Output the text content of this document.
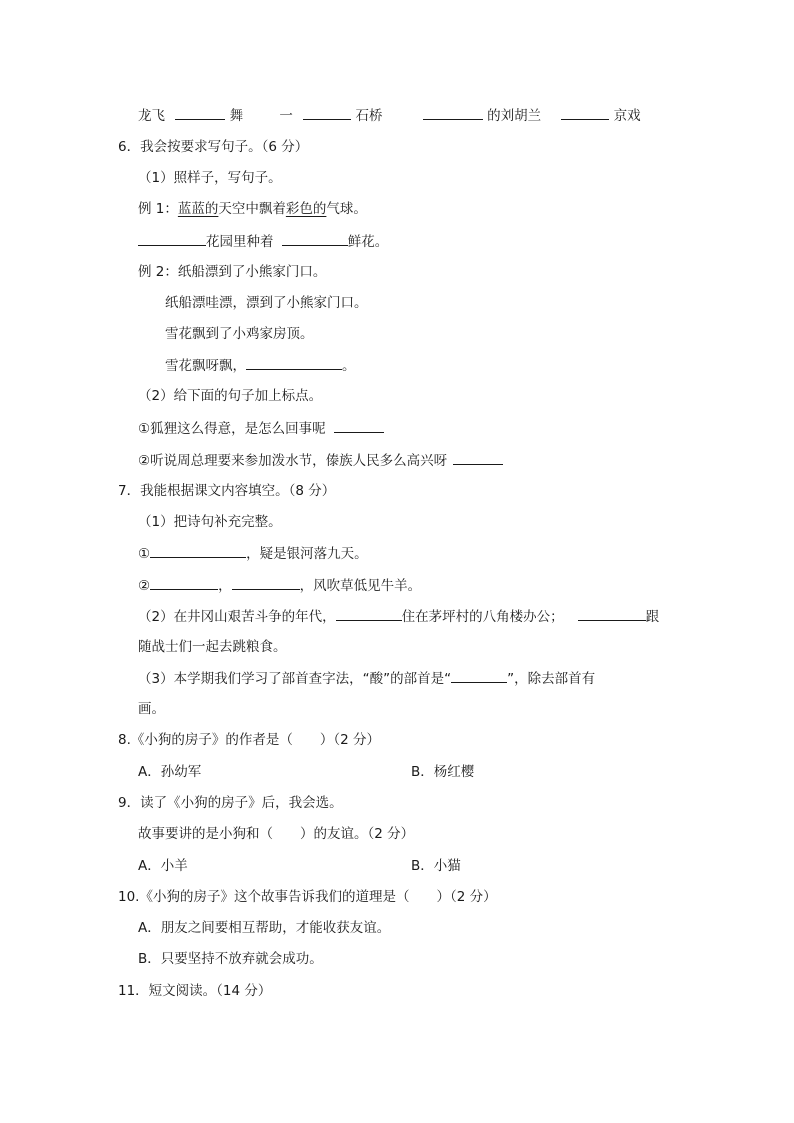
龙飞	舞	一	石桥	的刘胡兰	京戏
6．我会按要求写句子。（6 分）
（1）照样子，写句子。
例 1：蓝蓝的天空中飘着彩色的气球。
花园里种着	鲜花。
例 2：纸船漂到了小熊家门口。
纸船漂哇漂，漂到了小熊家门口。
雪花飘到了小鸡家房顶。
雪花飘呀飘，	。
（2）给下面的句子加上标点。
①狐狸这么得意，是怎么回事呢
②听说周总理要来参加泼水节，傣族人民多么高兴呀
7．我能根据课文内容填空。（8 分）
（1）把诗句补充完整。
①	，疑是银河落九天。
②	，	，风吹草低见牛羊。
（2）在井冈山艰苦斗争的年代，	住在茅坪村的八角楼办公；	跟
随战士们一起去跳粮食。
（3）本学期我们学习了部首查字法，“酸”的部首是“	”，除去部首有
画。
8.《小狗的房子》的作者是（　　）（2 分）
A．孙幼军	B．杨红樱
9．读了《小狗的房子》后，我会选。
故事要讲的是小狗和（　　）的友谊。（2 分）
A．小羊	B．小猫
10.《小狗的房子》这个故事告诉我们的道理是（　　）（2 分）
A．朋友之间要相互帮助，才能收获友谊。
B．只要坚持不放弃就会成功。
11．短文阅读。（14 分）
